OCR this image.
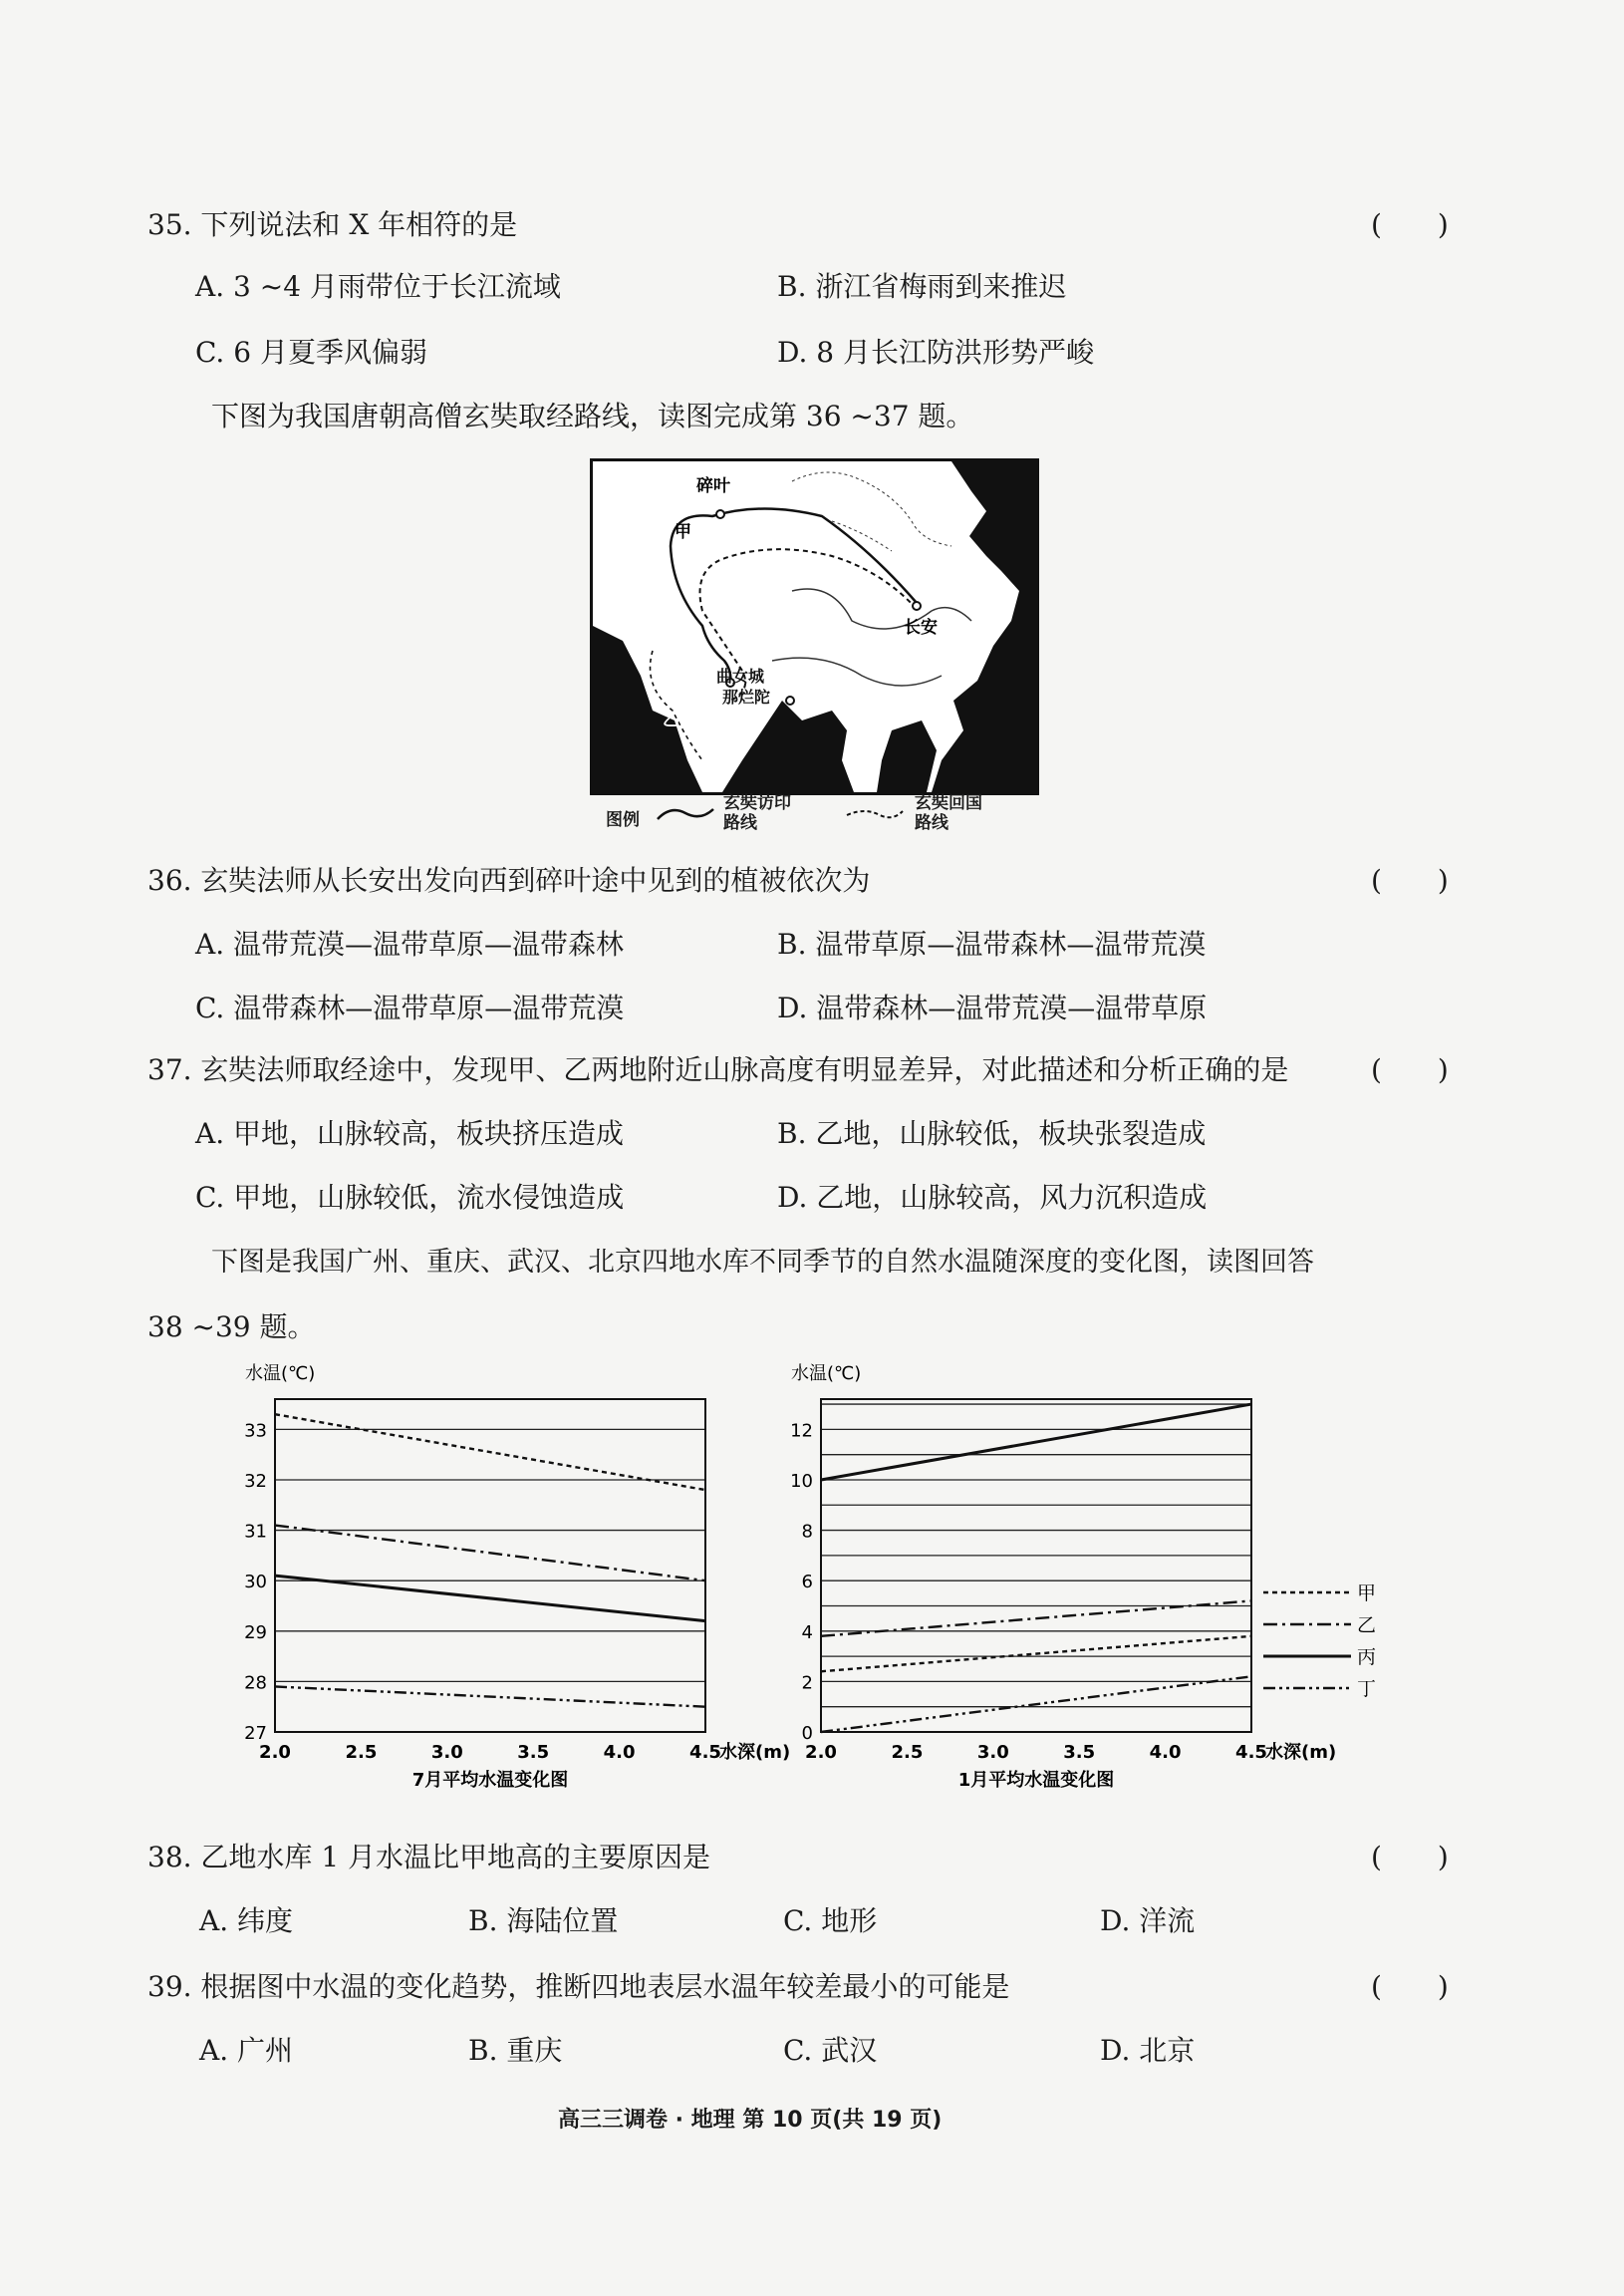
35. 下列说法和 X 年相符的是	(　　)
A. 3 ~4 月雨带位于长江流域	B. 浙江省梅雨到来推迟
C. 6 月夏季风偏弱	D. 8 月长江防洪形势严峻
下图为我国唐朝高僧玄奘取经路线，读图完成第 36 ~37 题。
碎叶
甲
长安
曲女城
那烂陀
乙
图例
玄奘访印路线
玄奘回国路线
36. 玄奘法师从长安出发向西到碎叶途中见到的植被依次为	(　　)
A. 温带荒漠—温带草原—温带森林	B. 温带草原—温带森林—温带荒漠
C. 温带森林—温带草原—温带荒漠	D. 温带森林—温带荒漠—温带草原
37. 玄奘法师取经途中，发现甲、乙两地附近山脉高度有明显差异，对此描述和分析正确的是	(　　)
A. 甲地，山脉较高，板块挤压造成	B. 乙地，山脉较低，板块张裂造成
C. 甲地，山脉较低，流水侵蚀造成	D. 乙地，山脉较高，风力沉积造成
下图是我国广州、重庆、武汉、北京四地水库不同季节的自然水温随深度的变化图，读图回答
38 ~39 题。
27
28
29
30
31
32
33
2.0	2.5	3.0	3.5	4.0	4.5
水温(℃)
水深(m)
7月平均水温变化图
0
2
4
6
8
10
12
2.0	2.5	3.0	3.5	4.0	4.5
水温(℃)
水深(m)
1月平均水温变化图
甲
乙
丙
丁
38. 乙地水库 1 月水温比甲地高的主要原因是	(　　)
A. 纬度	B. 海陆位置	C. 地形	D. 洋流
39. 根据图中水温的变化趋势，推断四地表层水温年较差最小的可能是	(　　)
A. 广州	B. 重庆	C. 武汉	D. 北京
高三三调卷 · 地理 第 10 页(共 19 页)
